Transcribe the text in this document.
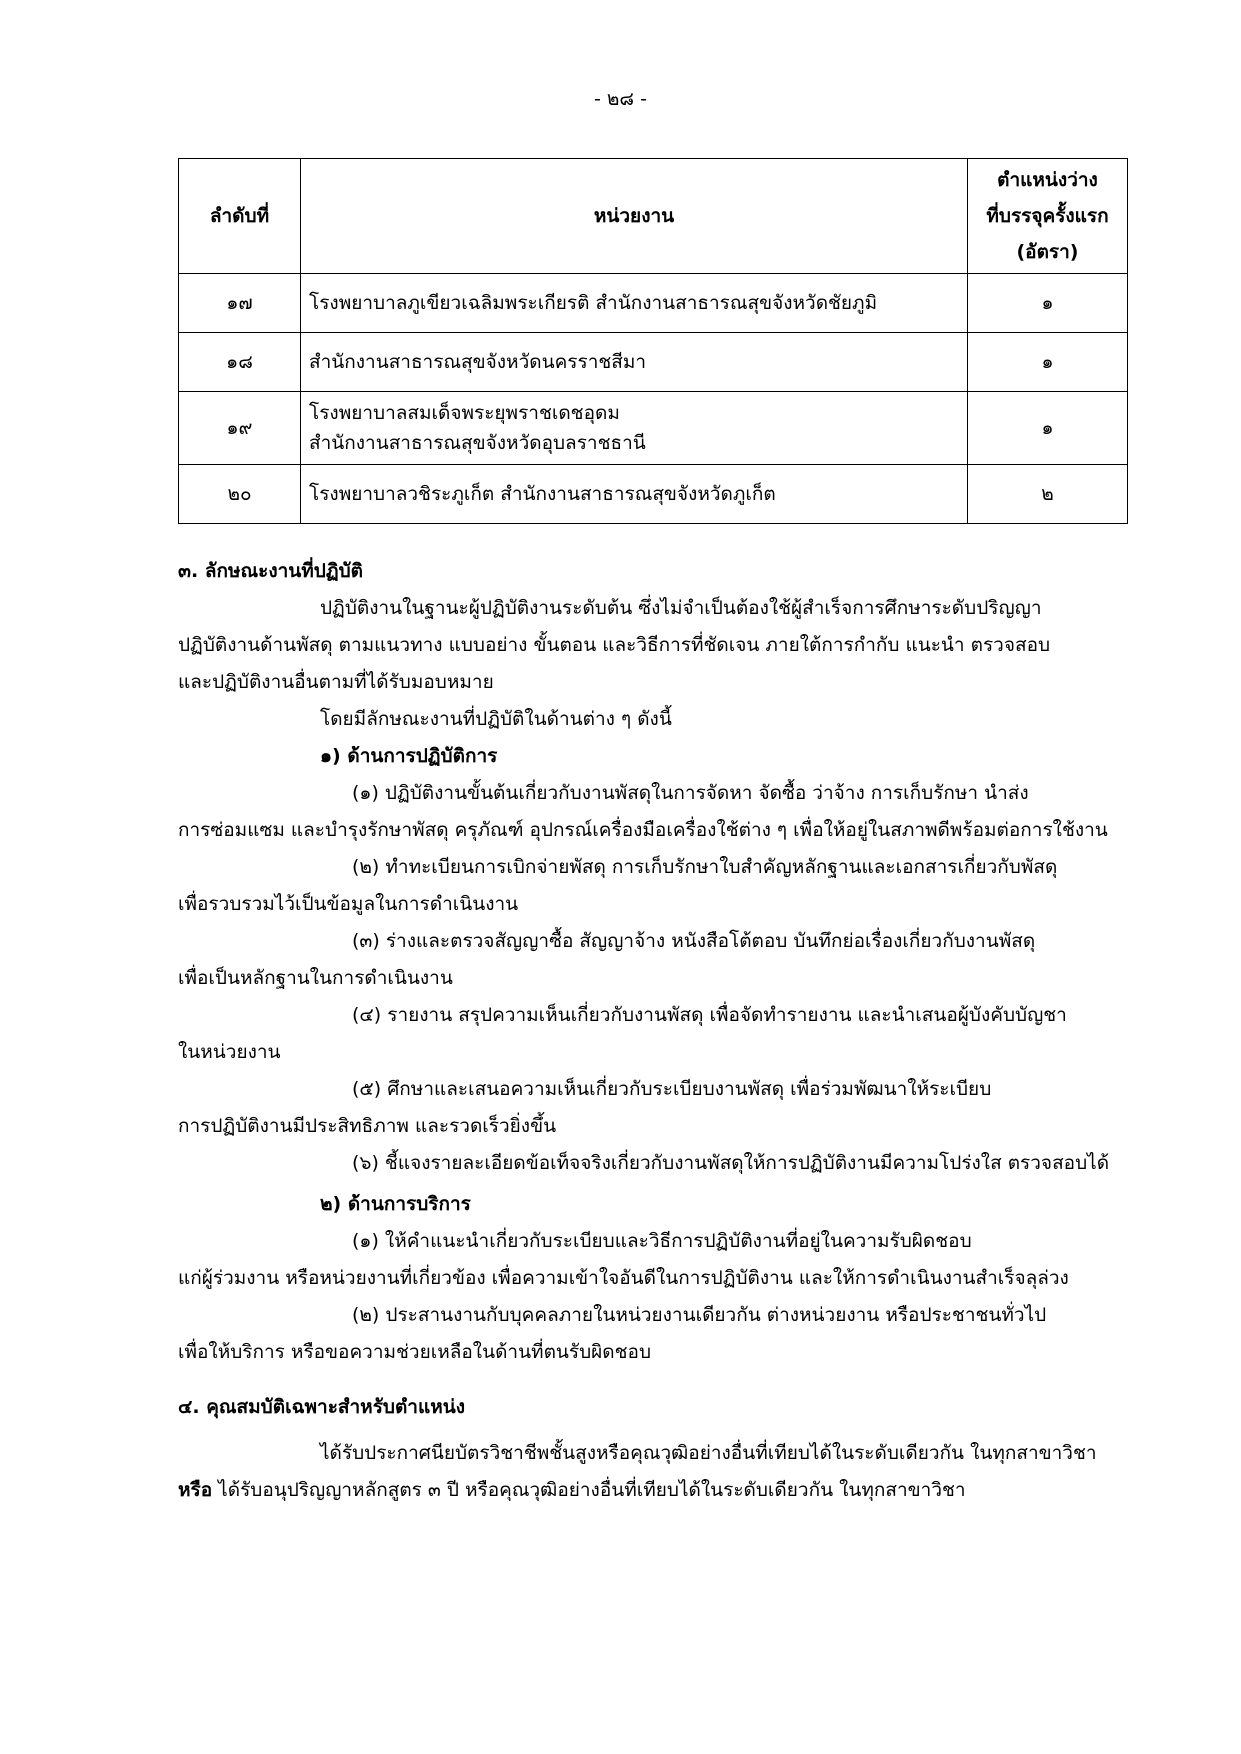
- ๒๘ -
ลำดับที่	หน่วยงาน	ตำแหน่งว่าง
ที่บรรจุครั้งแรก
(อัตรา)

๑๗	โรงพยาบาลภูเขียวเฉลิมพระเกียรติ สำนักงานสาธารณสุขจังหวัดชัยภูมิ	๑
๑๘	สำนักงานสาธารณสุขจังหวัดนครราชสีมา	๑
๑๙	โรงพยาบาลสมเด็จพระยุพราชเดชอุดม
สำนักงานสาธารณสุขจังหวัดอุบลราชธานี	๑
๒๐	โรงพยาบาลวชิระภูเก็ต สำนักงานสาธารณสุขจังหวัดภูเก็ต	๒
๓. ลักษณะงานที่ปฏิบัติ
ปฏิบัติงานในฐานะผู้ปฏิบัติงานระดับต้น ซึ่งไม่จำเป็นต้องใช้ผู้สำเร็จการศึกษาระดับปริญญา
ปฏิบัติงานด้านพัสดุ ตามแนวทาง แบบอย่าง ขั้นตอน และวิธีการที่ชัดเจน ภายใต้การกำกับ แนะนำ ตรวจสอบ
และปฏิบัติงานอื่นตามที่ได้รับมอบหมาย
โดยมีลักษณะงานที่ปฏิบัติในด้านต่าง ๆ ดังนี้
๑) ด้านการปฏิบัติการ
(๑) ปฏิบัติงานขั้นต้นเกี่ยวกับงานพัสดุในการจัดหา จัดซื้อ ว่าจ้าง การเก็บรักษา นำส่ง
การซ่อมแซม และบำรุงรักษาพัสดุ ครุภัณฑ์ อุปกรณ์เครื่องมือเครื่องใช้ต่าง ๆ เพื่อให้อยู่ในสภาพดีพร้อมต่อการใช้งาน
(๒) ทำทะเบียนการเบิกจ่ายพัสดุ การเก็บรักษาใบสำคัญหลักฐานและเอกสารเกี่ยวกับพัสดุ
เพื่อรวบรวมไว้เป็นข้อมูลในการดำเนินงาน
(๓) ร่างและตรวจสัญญาซื้อ สัญญาจ้าง หนังสือโต้ตอบ บันทึกย่อเรื่องเกี่ยวกับงานพัสดุ
เพื่อเป็นหลักฐานในการดำเนินงาน
(๔) รายงาน สรุปความเห็นเกี่ยวกับงานพัสดุ เพื่อจัดทำรายงาน และนำเสนอผู้บังคับบัญชา
ในหน่วยงาน
(๕) ศึกษาและเสนอความเห็นเกี่ยวกับระเบียบงานพัสดุ เพื่อร่วมพัฒนาให้ระเบียบ
การปฏิบัติงานมีประสิทธิภาพ และรวดเร็วยิ่งขึ้น
(๖) ชี้แจงรายละเอียดข้อเท็จจริงเกี่ยวกับงานพัสดุให้การปฏิบัติงานมีความโปร่งใส ตรวจสอบได้
๒) ด้านการบริการ
(๑) ให้คำแนะนำเกี่ยวกับระเบียบและวิธีการปฏิบัติงานที่อยู่ในความรับผิดชอบ
แก่ผู้ร่วมงาน หรือหน่วยงานที่เกี่ยวข้อง เพื่อความเข้าใจอันดีในการปฏิบัติงาน และให้การดำเนินงานสำเร็จลุล่วง
(๒) ประสานงานกับบุคคลภายในหน่วยงานเดียวกัน ต่างหน่วยงาน หรือประชาชนทั่วไป
เพื่อให้บริการ หรือขอความช่วยเหลือในด้านที่ตนรับผิดชอบ
๔. คุณสมบัติเฉพาะสำหรับตำแหน่ง
ได้รับประกาศนียบัตรวิชาชีพชั้นสูงหรือคุณวุฒิอย่างอื่นที่เทียบได้ในระดับเดียวกัน ในทุกสาขาวิชา
หรือ ได้รับอนุปริญญาหลักสูตร ๓ ปี หรือคุณวุฒิอย่างอื่นที่เทียบได้ในระดับเดียวกัน ในทุกสาขาวิชา
